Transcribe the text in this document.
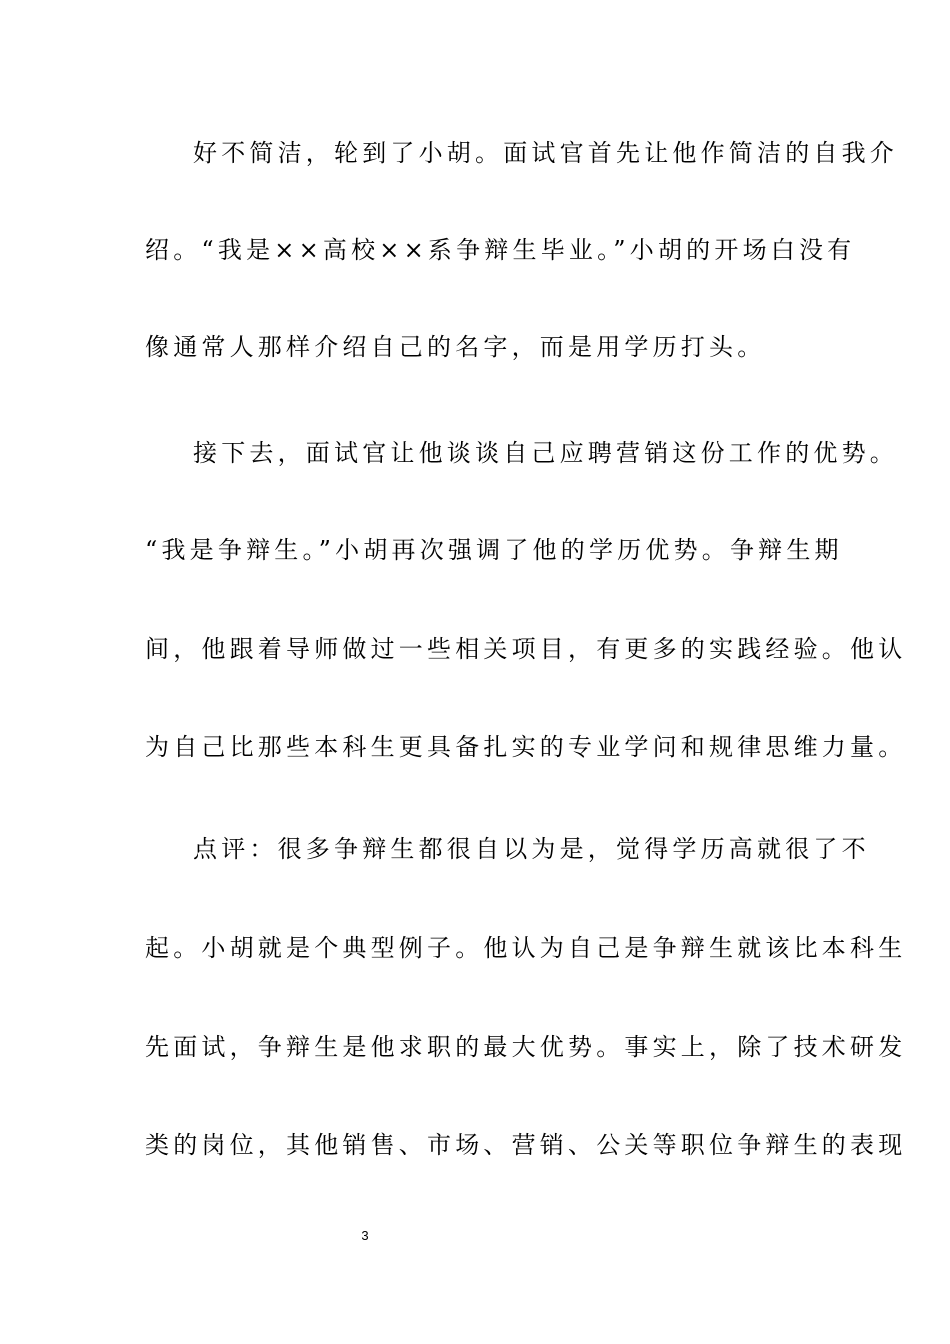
好不简洁，轮到了小胡。面试官首先让他作简洁的自我介
绍。“我是××高校××系争辩生毕业。”小胡的开场白没有
像通常人那样介绍自己的名字，而是用学历打头。
接下去，面试官让他谈谈自己应聘营销这份工作的优势。
“我是争辩生。”小胡再次强调了他的学历优势。争辩生期
间，他跟着导师做过一些相关项目，有更多的实践经验。他认
为自己比那些本科生更具备扎实的专业学问和规律思维力量。
点评：很多争辩生都很自以为是，觉得学历高就很了不
起。小胡就是个典型例子。他认为自己是争辩生就该比本科生
先面试，争辩生是他求职的最大优势。事实上，除了技术研发
类的岗位，其他销售、市场、营销、公关等职位争辩生的表现
3
